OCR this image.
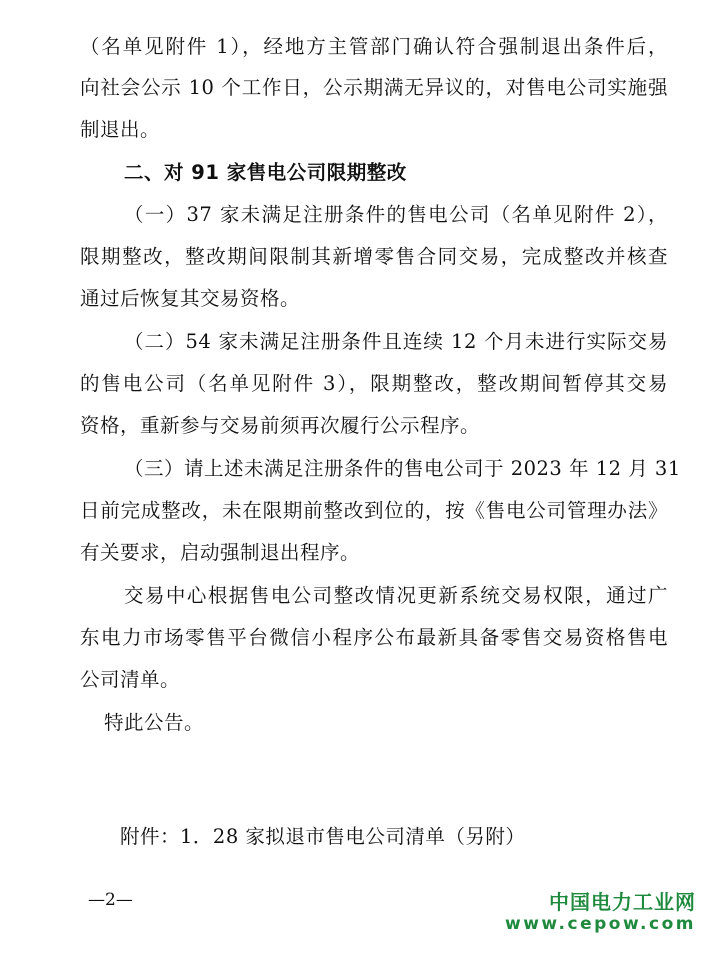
（名单见附件 1），经地方主管部门确认符合强制退出条件后，
向社会公示 10 个工作日，公示期满无异议的，对售电公司实施强
制退出。
二、对 91 家售电公司限期整改
（一）37 家未满足注册条件的售电公司（名单见附件 2），
限期整改，整改期间限制其新增零售合同交易，完成整改并核查
通过后恢复其交易资格。
（二）54 家未满足注册条件且连续 12 个月未进行实际交易
的售电公司（名单见附件 3），限期整改，整改期间暂停其交易
资格，重新参与交易前须再次履行公示程序。
（三）请上述未满足注册条件的售电公司于 2023 年 12 月 31
日前完成整改，未在限期前整改到位的，按《售电公司管理办法》
有关要求，启动强制退出程序。
交易中心根据售电公司整改情况更新系统交易权限，通过广
东电力市场零售平台微信小程序公布最新具备零售交易资格售电
公司清单。
特此公告。
附件：1．28 家拟退市售电公司清单（另附）
—2—	中国电力工业网
www.cepow.com
